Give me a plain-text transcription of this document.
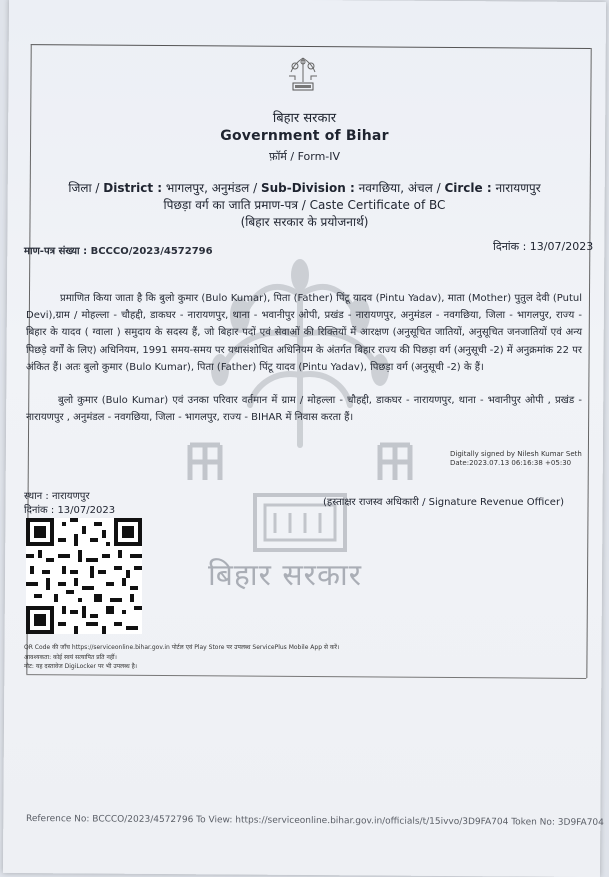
बिहार सरकार
Government of Bihar
फ़ॉर्म / Form-IV
जिला / District : भागलपुर, अनुमंडल / Sub-Division : नवगछिया, अंचल / Circle : नारायणपुर
पिछड़ा वर्ग का जाति प्रमाण-पत्र / Caste Certificate of BC
(बिहार सरकार के प्रयोजनार्थ)
माण-पत्र संख्या : BCCCO/2023/4572796	दिनांक : 13/07/2023
बिहार सरकार
प्रमाणित किया जाता है कि बुलो कुमार (Bulo Kumar), पिता (Father) पिंटू यादव (Pintu Yadav), माता (Mother) पुतुल देवी (Putul Devi),ग्राम / मोहल्ला - चौहद्दी, डाकघर - नारायणपुर, थाना - भवानीपुर ओपी, प्रखंड - नारायणपुर, अनुमंडल - नवगछिया, जिला - भागलपुर, राज्य - बिहार के यादव ( ग्वाला ) समुदाय के सदस्य हैं, जो बिहार पदों एवं सेवाओं की रिक्तियों में आरक्षण (अनुसूचित जातियों, अनुसूचित जनजातियों एवं अन्य पिछड़े वर्गों के लिए) अधिनियम, 1991 समय-समय पर यथासंशोधित अधिनियम के अंतर्गत बिहार राज्य की पिछड़ा वर्ग (अनुसूची -2) में अनुक्रमांक 22 पर अंकित हैं। अतः बुलो कुमार (Bulo Kumar), पिता (Father) पिंटू यादव (Pintu Yadav), पिछड़ा वर्ग (अनुसूची -2) के हैं।
बुलो कुमार (Bulo Kumar) एवं उनका परिवार वर्तमान में ग्राम / मोहल्ला - चौहद्दी, डाकघर - नारायणपुर, थाना - भवानीपुर ओपी , प्रखंड - नारायणपुर , अनुमंडल - नवगछिया, जिला - भागलपुर, राज्य - BIHAR में निवास करता हैं।
Digitally signed by Nilesh Kumar Seth
Date:2023.07.13 06:16:38 +05:30
स्थान : नारायणपुर
दिनांक : 13/07/2023
(हस्ताक्षर राजस्व अधिकारी / Signature Revenue Officer)
QR Code की जाँच https://serviceonline.bihar.gov.in पोर्टल एवं Play Store पर उपलब्ध ServicePlus Mobile App से करें।
आवश्यकता: कोई स्वयं सत्यापित प्रति नहीं।
नोट: यह दस्तावेज DigiLocker पर भी उपलब्ध है।
Reference No: BCCCO/2023/4572796 To View: https://serviceonline.bihar.gov.in/officials/t/15ivvo/3D9FA704 Token No: 3D9FA704
